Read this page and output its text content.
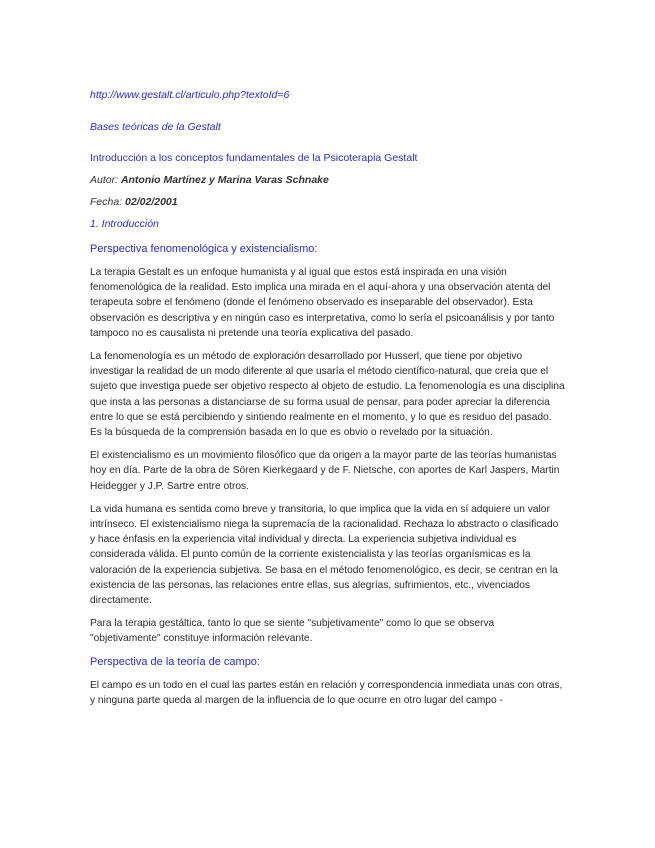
http://www.gestalt.cl/articulo.php?textoId=6

Bases teóricas de la Gestalt

Introducción a los conceptos fundamentales de la Psicoterapia Gestalt

Autor: Antonio Martínez y Marina Varas Schnake

Fecha: 02/02/2001

1. Introducción

Perspectiva fenomenológica y existencialismo:

La terapia Gestalt es un enfoque humanista y al igual que estos está inspirada en una visión fenomenológica de la realidad. Esto implica una mirada en el aquí-ahora y una observación atenta del terapeuta sobre el fenómeno (donde el fenómeno observado es inseparable del observador). Esta observación es descriptiva y en ningún caso es interpretativa, como lo sería el psicoanálisis y por tanto tampoco no es causalista ni pretende una teoría explicativa del pasado.

La fenomenología es un método de exploración desarrollado por Husserl, que tiene por objetivo investigar la realidad de un modo diferente al que usaría el método científico-natural, que creía que el sujeto que investiga puede ser objetivo respecto al objeto de estudio. La fenomenología es una disciplina que insta a las personas a distanciarse de su forma usual de pensar, para poder apreciar la diferencia entre lo que se está percibiendo y sintiendo realmente en el momento, y lo que es residuo del pasado. Es la búsqueda de la comprensión basada en lo que es obvio o revelado por la situación.

El existencialismo es un movimiento filosófico que da origen a la mayor parte de las teorías humanistas hoy en día. Parte de la obra de Sören Kierkegaard y de F. Nietsche, con aportes de Karl Jaspers, Martin Heidegger y J.P. Sartre entre otros.

La vida humana es sentida como breve y transitoria, lo que implica que la vida en sí adquiere un valor intrínseco. El existencialismo niega la supremacía de la racionalidad. Rechaza lo abstracto o clasificado y hace énfasis en la experiencia vital individual y directa. La experiencia subjetiva individual es considerada válida. El punto común de la corriente existencialista y las teorías organísmicas es la valoración de la experiencia subjetiva. Se basa en el método fenomenológico, es decir, se centran en la existencia de las personas, las relaciones entre ellas, sus alegrías, sufrimientos, etc., vivenciados directamente.

Para la terapia gestáltica, tanto lo que se siente "subjetivamente" como lo que se observa "objetivamente" constituye información relevante.

Perspectiva de la teoría de campo:

El campo es un todo en el cual las partes están en relación y correspondencia inmediata unas con otras, y ninguna parte queda al margen de la influencia de lo que ocurre en otro lugar del campo -
